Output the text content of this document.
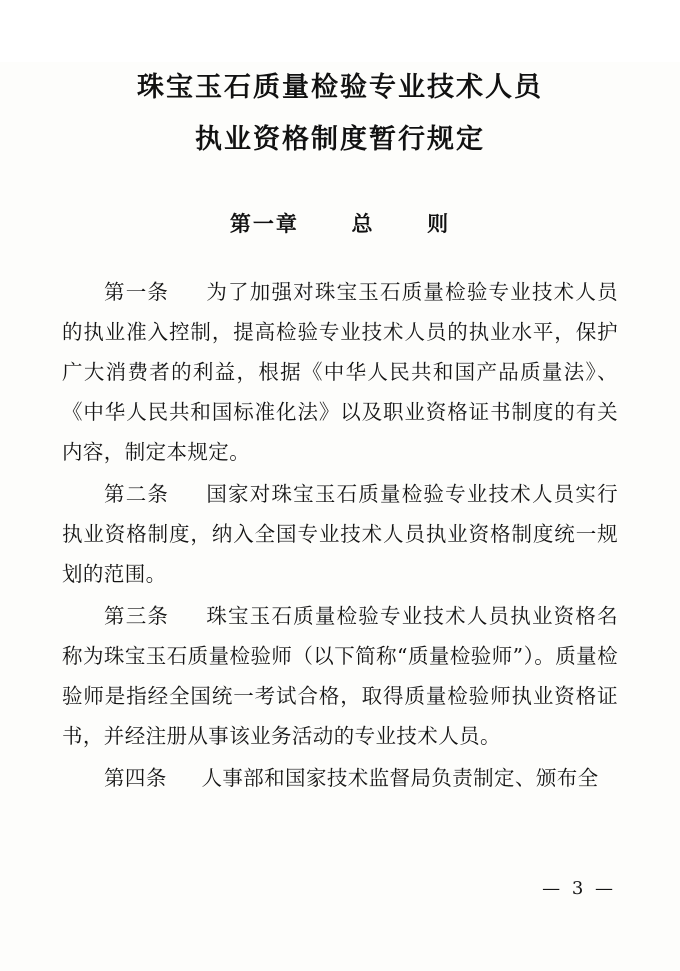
珠宝玉石质量检验专业技术人员
执业资格制度暂行规定
第一章	总	则

第一条 　 为了加强对珠宝玉石质量检验专业技术人员的执业准入控制，提高检验专业技术人员的执业水平，保护广大消费者的利益，根据《中华人民共和国产品质量法》、《中华人民共和国标准化法》以及职业资格证书制度的有关内容，制定本规定。

第二条 　 国家对珠宝玉石质量检验专业技术人员实行执业资格制度，纳入全国专业技术人员执业资格制度统一规划的范围。

第三条 　 珠宝玉石质量检验专业技术人员执业资格名称为珠宝玉石质量检验师（以下简称“质量检验师”）。质量检验师是指经全国统一考试合格，取得质量检验师执业资格证书，并经注册从事该业务活动的专业技术人员。

第四条 　 人事部和国家技术监督局负责制定、颁布全

— 3 —
